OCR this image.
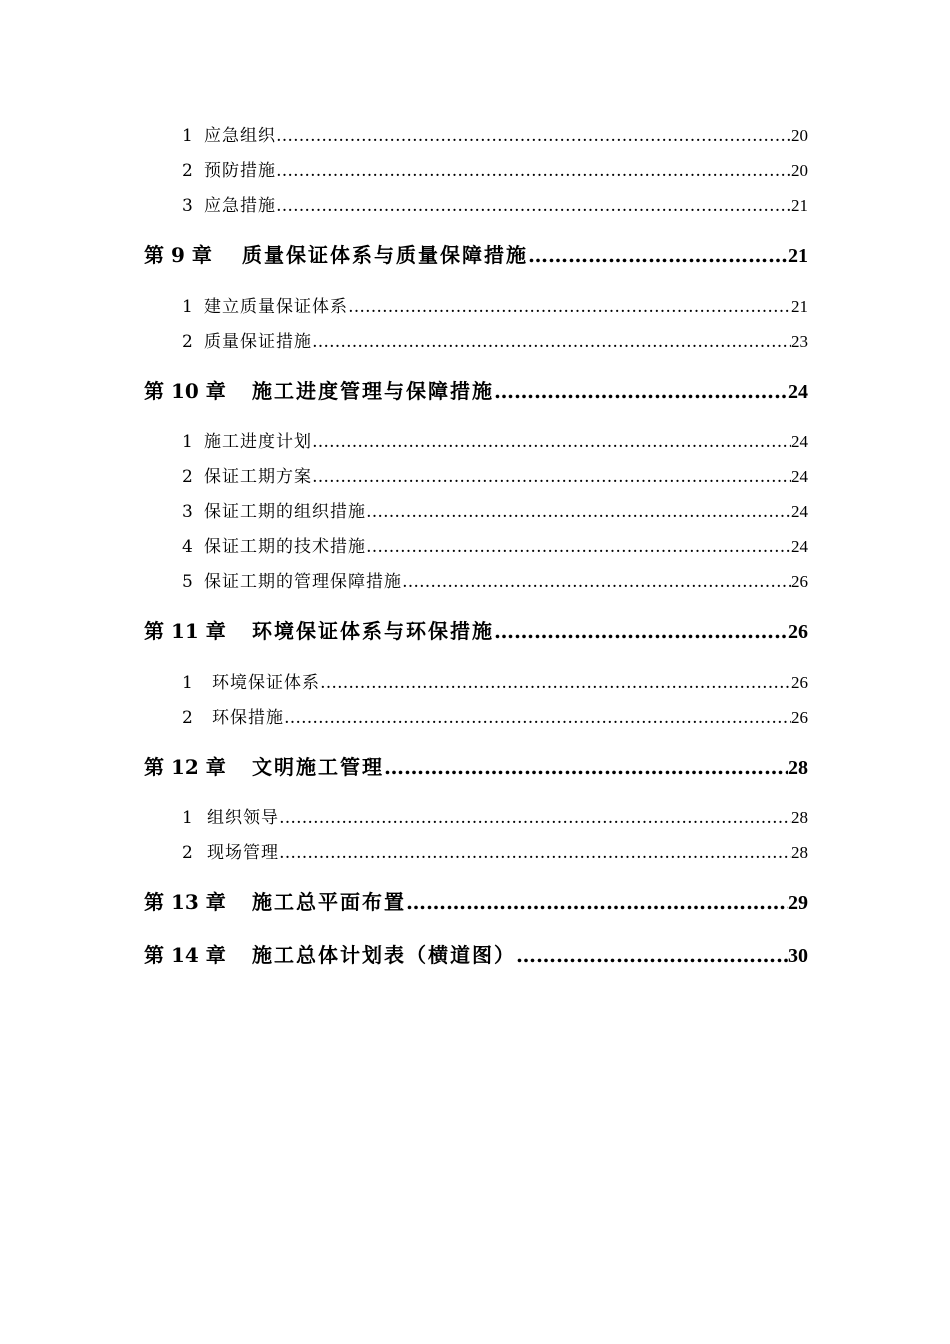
1 应急组织 ……………………………………………………………………………………………………………………………………………………………………	20
2 预防措施 ……………………………………………………………………………………………………………………………………………………………………	20
3 应急措施 ……………………………………………………………………………………………………………………………………………………………………	21
第 9 章	质量保证体系与质量保障措施 ……………………………………………………………………………………………………………………………………………………………………	21
1 建立质量保证体系 ……………………………………………………………………………………………………………………………………………………………………	21
2 质量保证措施 ……………………………………………………………………………………………………………………………………………………………………	23
第 10 章	施工进度管理与保障措施 ……………………………………………………………………………………………………………………………………………………………………	24
1 施工进度计划 ……………………………………………………………………………………………………………………………………………………………………	24
2 保证工期方案 ……………………………………………………………………………………………………………………………………………………………………	24
3 保证工期的组织措施 ……………………………………………………………………………………………………………………………………………………………………	24
4 保证工期的技术措施 ……………………………………………………………………………………………………………………………………………………………………	24
5 保证工期的管理保障措施 ……………………………………………………………………………………………………………………………………………………………………	26
第 11 章	环境保证体系与环保措施 ……………………………………………………………………………………………………………………………………………………………………	26
1	环境保证体系 ……………………………………………………………………………………………………………………………………………………………………	26
2	环保措施 ……………………………………………………………………………………………………………………………………………………………………	26
第 12 章	文明施工管理 ……………………………………………………………………………………………………………………………………………………………………	28
1 组织领导 ……………………………………………………………………………………………………………………………………………………………………	28
2 现场管理 ……………………………………………………………………………………………………………………………………………………………………	28
第 13 章	施工总平面布置 ……………………………………………………………………………………………………………………………………………………………………	29
第 14 章	施工总体计划表（横道图） ……………………………………………………………………………………………………………………………………………………………………	30
